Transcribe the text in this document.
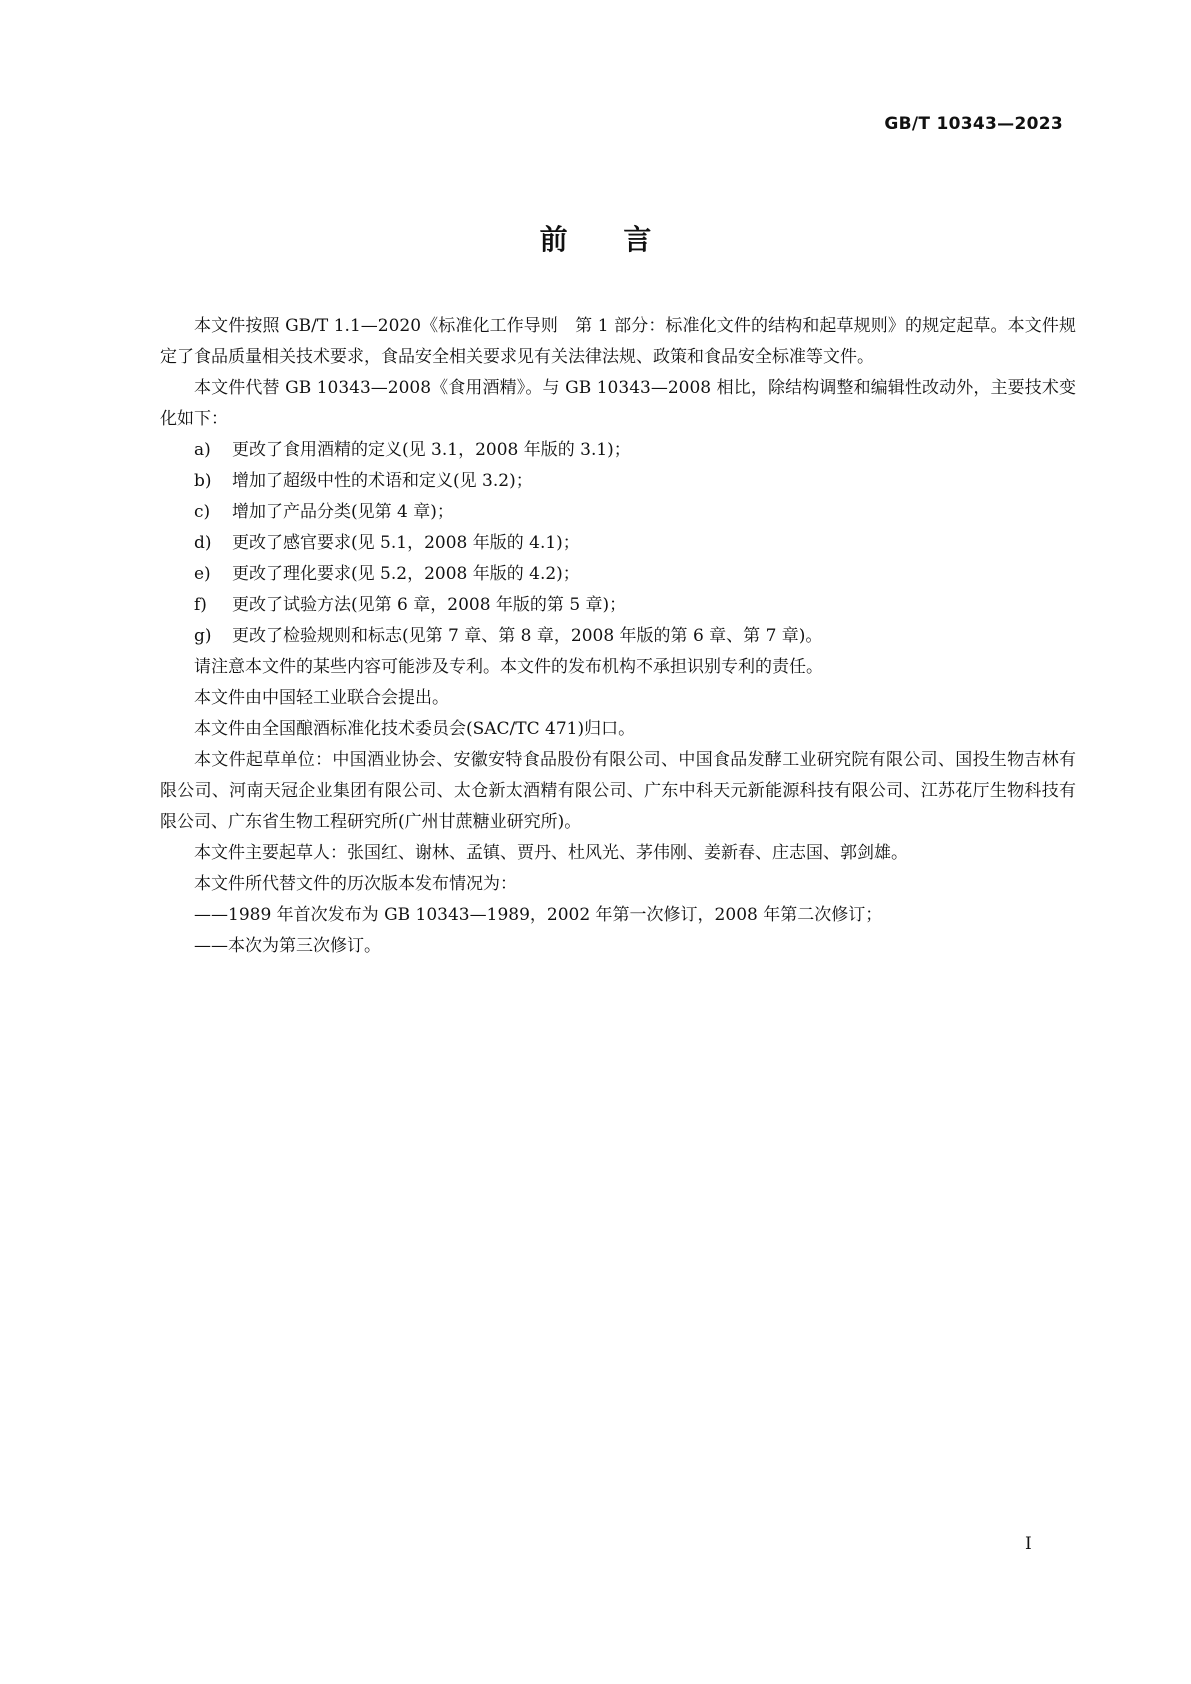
GB/T 10343—2023
前 言

本文件按照 GB/T 1.1—2020《标准化工作导则　第 1 部分：标准化文件的结构和起草规则》的规定起草。本文件规定了食品质量相关技术要求，食品安全相关要求见有关法律法规、政策和食品安全标准等文件。

本文件代替 GB 10343—2008《食用酒精》。与 GB 10343—2008 相比，除结构调整和编辑性改动外，主要技术变化如下：

a) 更改了食用酒精的定义(见 3.1，2008 年版的 3.1)；

b) 增加了超级中性的术语和定义(见 3.2)；

c) 增加了产品分类(见第 4 章)；

d) 更改了感官要求(见 5.1，2008 年版的 4.1)；

e) 更改了理化要求(见 5.2，2008 年版的 4.2)；

f) 更改了试验方法(见第 6 章，2008 年版的第 5 章)；

g) 更改了检验规则和标志(见第 7 章、第 8 章，2008 年版的第 6 章、第 7 章)。

请注意本文件的某些内容可能涉及专利。本文件的发布机构不承担识别专利的责任。

本文件由中国轻工业联合会提出。

本文件由全国酿酒标准化技术委员会(SAC/TC 471)归口。

本文件起草单位：中国酒业协会、安徽安特食品股份有限公司、中国食品发酵工业研究院有限公司、国投生物吉林有限公司、河南天冠企业集团有限公司、太仓新太酒精有限公司、广东中科天元新能源科技有限公司、江苏花厅生物科技有限公司、广东省生物工程研究所(广州甘蔗糖业研究所)。

本文件主要起草人：张国红、谢林、孟镇、贾丹、杜风光、茅伟刚、姜新春、庄志国、郭剑雄。

本文件所代替文件的历次版本发布情况为：

——1989 年首次发布为 GB 10343—1989，2002 年第一次修订，2008 年第二次修订；

——本次为第三次修订。

I
